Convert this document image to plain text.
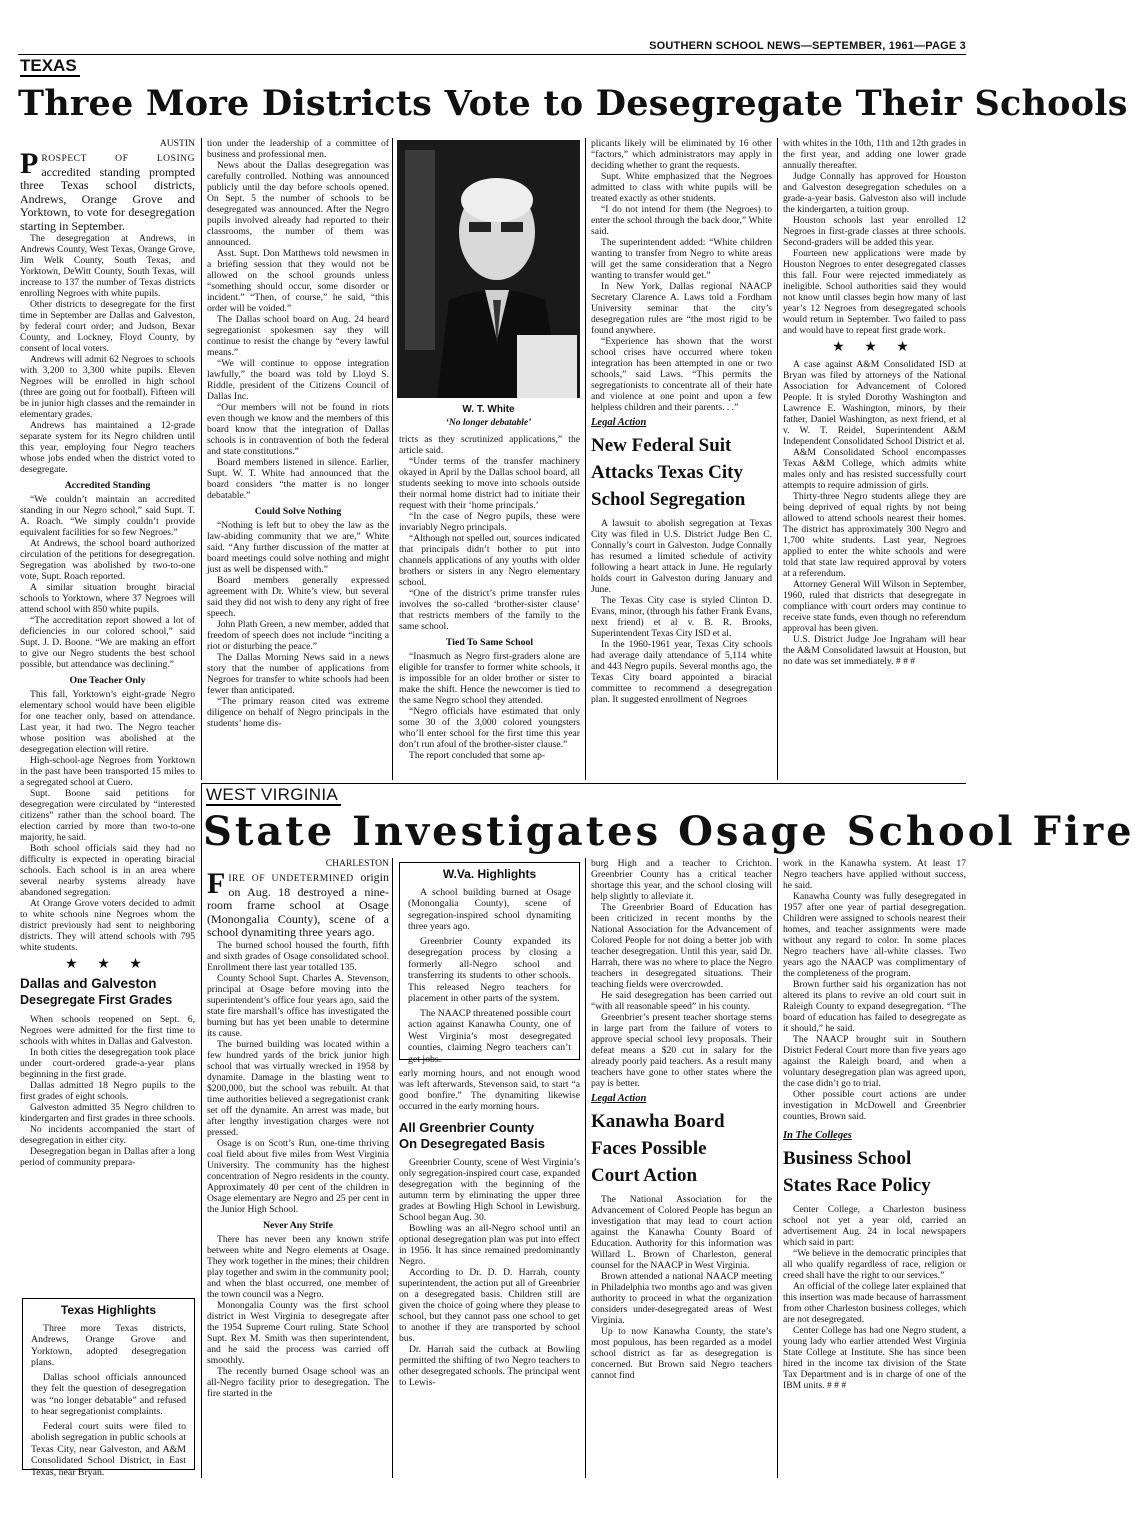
SOUTHERN SCHOOL NEWS—SEPTEMBER, 1961—PAGE 3
TEXAS
Three More Districts Vote to Desegregate Their Schools
AUSTIN
PROSPECT OF LOSING accredited standing prompted three Texas school districts, Andrews, Orange Grove and Yorktown, to vote for desegregation starting in September.

The desegregation at Andrews, in Andrews County, West Texas, Orange Grove, Jim Welk County, South Texas, and Yorktown, DeWitt County, South Texas, will increase to 137 the number of Texas districts enrolling Negroes with white pupils.

Other districts to desegregate for the first time in September are Dallas and Galveston, by federal court order; and Judson, Bexar County, and Lockney, Floyd County, by consent of local voters.

Andrews will admit 62 Negroes to schools with 3,200 to 3,300 white pupils. Eleven Negroes will be enrolled in high school (three are going out for football). Fifteen will be in junior high classes and the remainder in elementary grades.

Andrews has maintained a 12-grade separate system for its Negro children until this year, employing four Negro teachers whose jobs ended when the district voted to desegregate.

Accredited Standing

“We couldn’t maintain an accredited standing in our Negro school,” said Supt. T. A. Roach. “We simply couldn’t provide equivalent facilities for so few Negroes.”

At Andrews, the school board authorized circulation of the petitions for desegregation. Segregation was abolished by two-to-one vote, Supt. Roach reported.

A similar situation brought biracial schools to Yorktown, where 37 Negroes will attend school with 850 white pupils.

“The accreditation report showed a lot of deficiencies in our colored school,” said Supt. J. D. Boone. “We are making an effort to give our Negro students the best school possible, but attendance was declining.”

One Teacher Only

This fall, Yorktown’s eight-grade Negro elementary school would have been eligible for one teacher only, based on attendance. Last year, it had two. The Negro teacher whose position was abolished at the desegregation election will retire.

High-school-age Negroes from Yorktown in the past have been transported 15 miles to a segregated school at Cuero.

Supt. Boone said petitions for desegregation were circulated by “interested citizens” rather than the school board. The election carried by more than two-to-one majority, he said.

Both school officials said they had no difficulty is expected in operating biracial schools. Each school is in an area where several nearby systems already have abandoned segregation.

At Orange Grove voters decided to admit to white schools nine Negroes whom the district previously had sent to neighboring districts. They will attend schools with 795 white students.

★ ★ ★
Dallas and Galveston
Desegregate First Grades

When schools reopened on Sept. 6, Negroes were admitted for the first time to schools with whites in Dallas and Galveston.

In both cities the desegregation took place under court-ordered grade-a-year plans beginning in the first grade.

Dallas admitted 18 Negro pupils to the first grades of eight schools.

Galveston admitted 35 Negro children to kindergarten and first grades in three schools.

No incidents accompanied the start of desegregation in either city.

Desegregation began in Dallas after a long period of community prepara-

Texas Highlights

Three more Texas districts, Andrews, Orange Grove and Yorktown, adopted desegregation plans.

Dallas school officials announced they felt the question of desegregation was “no longer debatable” and refused to hear segregationist complaints.

Federal court suits were filed to abolish segregation in public schools at Texas City, near Galveston, and A&M Consolidated School District, in East Texas, near Bryan.

tion under the leadership of a committee of business and professional men.

News about the Dallas desegregation was carefully controlled. Nothing was announced publicly until the day before schools opened. On Sept. 5 the number of schools to be desegregated was announced. After the Negro pupils involved already had reported to their classrooms, the number of them was announced.

Asst. Supt. Don Matthews told newsmen in a briefing session that they would not be allowed on the school grounds unless “something should occur, some disorder or incident.” “Then, of course,” he said, “this order will be voided.”

The Dallas school board on Aug. 24 heard segregationist spokesmen say they will continue to resist the change by “every lawful means.”

“We will continue to oppose integration lawfully,” the board was told by Lloyd S. Riddle, president of the Citizens Council of Dallas Inc.

“Our members will not be found in riots even though we know and the members of this board know that the integration of Dallas schools is in contravention of both the federal and state constitutions.”

Board members listened in silence. Earlier, Supt. W. T. White had announced that the board considers “the matter is no longer debatable.”

Could Solve Nothing

“Nothing is left but to obey the law as the law-abiding community that we are,” White said. “Any further discussion of the matter at board meetings could solve nothing and might just as well be dispensed with.”

Board members generally expressed agreement with Dr. White’s view, but several said they did not wish to deny any right of free speech.

John Plath Green, a new member, added that freedom of speech does not include “inciting a riot or disturbing the peace.”

The Dallas Morning News said in a news story that the number of applications from Negroes for transfer to white schools had been fewer than anticipated.

“The primary reason cited was extreme diligence on behalf of Negro principals in the students’ home dis-

W. T. White
‘No longer debatable’

tricts as they scrutinized applications,” the article said.

“Under terms of the transfer machinery okayed in April by the Dallas school board, all students seeking to move into schools outside their normal home district had to initiate their request with their ‘home principals.’

“In the case of Negro pupils, these were invariably Negro principals.

“Although not spelled out, sources indicated that principals didn’t bother to put into channels applications of any youths with older brothers or sisters in any Negro elementary school.

“One of the district’s prime transfer rules involves the so-called ‘brother-sister clause’ that restricts members of the family to the same school.

Tied To Same School

“Inasmuch as Negro first-graders alone are eligible for transfer to former white schools, it is impossible for an older brother or sister to make the shift. Hence the newcomer is tied to the same Negro school they attended.

“Negro officials have estimated that only some 30 of the 3,000 colored youngsters who’ll enter school for the first time this year don’t run afoul of the brother-sister clause.”

The report concluded that some ap-

plicants likely will be eliminated by 16 other “factors,” which administrators may apply in deciding whether to grant the requests.

Supt. White emphasized that the Negroes admitted to class with white pupils will be treated exactly as other students.

“I do not intend for them (the Negroes) to enter the school through the back door,” White said.

The superintendent added: “White children wanting to transfer from Negro to white areas will get the same consideration that a Negro wanting to transfer would get.”

In New York, Dallas regional NAACP Secretary Clarence A. Laws told a Fordham University seminar that the city’s desegregation rules are “the most rigid to be found anywhere.

“Experience has shown that the worst school crises have occurred where token integration has been attempted in one or two schools,” said Laws. “This permits the segregationists to concentrate all of their hate and violence at one point and upon a few helpless children and their parents. . .”

Legal Action
New Federal Suit
Attacks Texas City
School Segregation

A lawsuit to abolish segregation at Texas City was filed in U.S. District Judge Ben C. Connally’s court in Galveston. Judge Connally has resumed a limited schedule of activity following a heart attack in June. He regularly holds court in Galveston during January and June.

The Texas City case is styled Clinton D. Evans, minor, (through his father Frank Evans, next friend) et al v. B. R. Brooks, Superintendent Texas City ISD et al.

In the 1960-1961 year, Texas City schools had average daily attendance of 5,114 white and 443 Negro pupils. Several months ago, the Texas City board appointed a biracial committee to recommend a desegregation plan. It suggested enrollment of Negroes

with whites in the 10th, 11th and 12th grades in the first year, and adding one lower grade annually thereafter.

Judge Connally has approved for Houston and Galveston desegregation schedules on a grade-a-year basis. Galveston also will include the kindergarten, a tuition group.

Houston schools last year enrolled 12 Negroes in first-grade classes at three schools. Second-graders will be added this year.

Fourteen new applications were made by Houston Negroes to enter desegregated classes this fall. Four were rejected immediately as ineligible. School authorities said they would not know until classes begin how many of last year’s 12 Negroes from desegregated schools would return in September. Two failed to pass and would have to repeat first grade work.

★ ★ ★

A case against A&M Consolidated ISD at Bryan was filed by attorneys of the National Association for Advancement of Colored People. It is styled Dorothy Washington and Lawrence E. Washington, minors, by their father, Daniel Washington, as next friend, et al v. W. T. Reidel, Superintendent A&M Independent Consolidated School District et al.

A&M Consolidated School encompasses Texas A&M College, which admits white males only and has resisted successfully court attempts to require admission of girls.

Thirty-three Negro students allege they are being deprived of equal rights by not being allowed to attend schools nearest their homes. The district has approximately 300 Negro and 1,700 white students. Last year, Negroes applied to enter the white schools and were told that state law required approval by voters at a referendum.

Attorney General Will Wilson in September, 1960, ruled that districts that desegregate in compliance with court orders may continue to receive state funds, even though no referendum approval has been given.

U.S. District Judge Joe Ingraham will hear the A&M Consolidated lawsuit at Houston, but no date was set immediately. # # #

WEST VIRGINIA
State Investigates Osage School Fire
CHARLESTON
FIRE OF UNDETERMINED origin on Aug. 18 destroyed a nine-room frame school at Osage (Monongalia County), scene of a school dynamiting three years ago.

The burned school housed the fourth, fifth and sixth grades of Osage consolidated school. Enrollment there last year totalled 135.

County School Supt. Charles A. Stevenson, principal at Osage before moving into the superintendent’s office four years ago, said the state fire marshall’s office has investigated the burning but has yet been unable to determine its cause.

The burned building was located within a few hundred yards of the brick junior high school that was virtually wrecked in 1958 by dynamite. Damage in the blasting went to $200,000, but the school was rebuilt. At that time authorities believed a segregationist crank set off the dynamite. An arrest was made, but after lengthy investigation charges were not pressed.

Osage is on Scott’s Run, one-time thriving coal field about five miles from West Virginia University. The community has the highest concentration of Negro residents in the county. Approximately 40 per cent of the children in Osage elementary are Negro and 25 per cent in the Junior High School.

Never Any Strife

There has never been any known strife between white and Negro elements at Osage. They work together in the mines; their children play together and swim in the community pool; and when the blast occurred, one member of the town council was a Negro.

Monongalia County was the first school district in West Virginia to desegregate after the 1954 Supreme Court ruling. State School Supt. Rex M. Smith was then superintendent, and he said the process was carried off smoothly.

The recently burned Osage school was an all-Negro facility prior to desegregation. The fire started in the

W.Va. Highlights

A school building burned at Osage (Monongalia County), scene of segregation-inspired school dynamiting three years ago.

Greenbrier County expanded its desegregation process by closing a formerly all-Negro school and transferring its students to other schools. This released Negro teachers for placement in other parts of the system.

The NAACP threatened possible court action against Kanawha County, one of West Virginia’s most desegregated counties, claiming Negro teachers can’t get jobs.

early morning hours, and not enough wood was left afterwards, Stevenson said, to start “a good bonfire.” The dynamiting likewise occurred in the early morning hours.

All Greenbrier County
On Desegregated Basis

Greenbrier County, scene of West Virginia’s only segregation-inspired court case, expanded desegregation with the beginning of the autumn term by eliminating the upper three grades at Bowling High School in Lewisburg. School began Aug. 30.

Bowling was an all-Negro school until an optional desegregation plan was put into effect in 1956. It has since remained predominantly Negro.

According to Dr. D. D. Harrah, county superintendent, the action put all of Greenbrier on a desegregated basis. Children still are given the choice of going where they please to school, but they cannot pass one school to get to another if they are transported by school bus.

Dr. Harrah said the cutback at Bowling permitted the shifting of two Negro teachers to other desegregated schools. The principal went to Lewis-

burg High and a teacher to Crichton. Greenbrier County has a critical teacher shortage this year, and the school closing will help slightly to alleviate it.

The Greenbrier Board of Education has been criticized in recent months by the National Association for the Advancement of Colored People for not doing a better job with teacher desegregation. Until this year, said Dr. Harrah, there was no where to place the Negro teachers in desegregated situations. Their teaching fields were overcrowded.

He said desegregation has been carried out “with all reasonable speed” in his county.

Greenbrier’s present teacher shortage stems in large part from the failure of voters to approve special school levy proposals. Their defeat means a $20 cut in salary for the already poorly paid teachers. As a result many teachers have gone to other states where the pay is better.

Legal Action
Kanawha Board
Faces Possible
Court Action

The National Association for the Advancement of Colored People has begun an investigation that may lead to court action against the Kanawha County Board of Education. Authority for this information was Willard L. Brown of Charleston, general counsel for the NAACP in West Virginia.

Brown attended a national NAACP meeting in Philadelphia two months ago and was given authority to proceed in what the organization considers under-desegregated areas of West Virginia.

Up to now Kanawha County, the state’s most populous, has been regarded as a model school district as far as desegregation is concerned. But Brown said Negro teachers cannot find

work in the Kanawha system. At least 17 Negro teachers have applied without success, he said.

Kanawha County was fully desegregated in 1957 after one year of partial desegregation. Children were assigned to schools nearest their homes, and teacher assignments were made without any regard to color. In some places Negro teachers have all-white classes. Two years ago the NAACP was complimentary of the completeness of the program.

Brown further said his organization has not altered its plans to revive an old court suit in Raleigh County to expand desegregation. “The board of education has failed to desegregate as it should,” he said.

The NAACP brought suit in Southern District Federal Court more than five years ago against the Raleigh board, and when a voluntary desegregation plan was agreed upon, the case didn’t go to trial.

Other possible court actions are under investigation in McDowell and Greenbrier counties, Brown said.

In The Colleges
Business School
States Race Policy

Center College, a Charleston business school not yet a year old, carried an advertisement Aug. 24 in local newspapers which said in part:

“We believe in the democratic principles that all who qualify regardless of race, religion or creed shall have the right to our services.”

An official of the college later explained that this insertion was made because of harrassment from other Charleston business colleges, which are not desegregated.

Center College has had one Negro student, a young lady who earlier attended West Virginia State College at Institute. She has since been hired in the income tax division of the State Tax Department and is in charge of one of the IBM units. # # #
